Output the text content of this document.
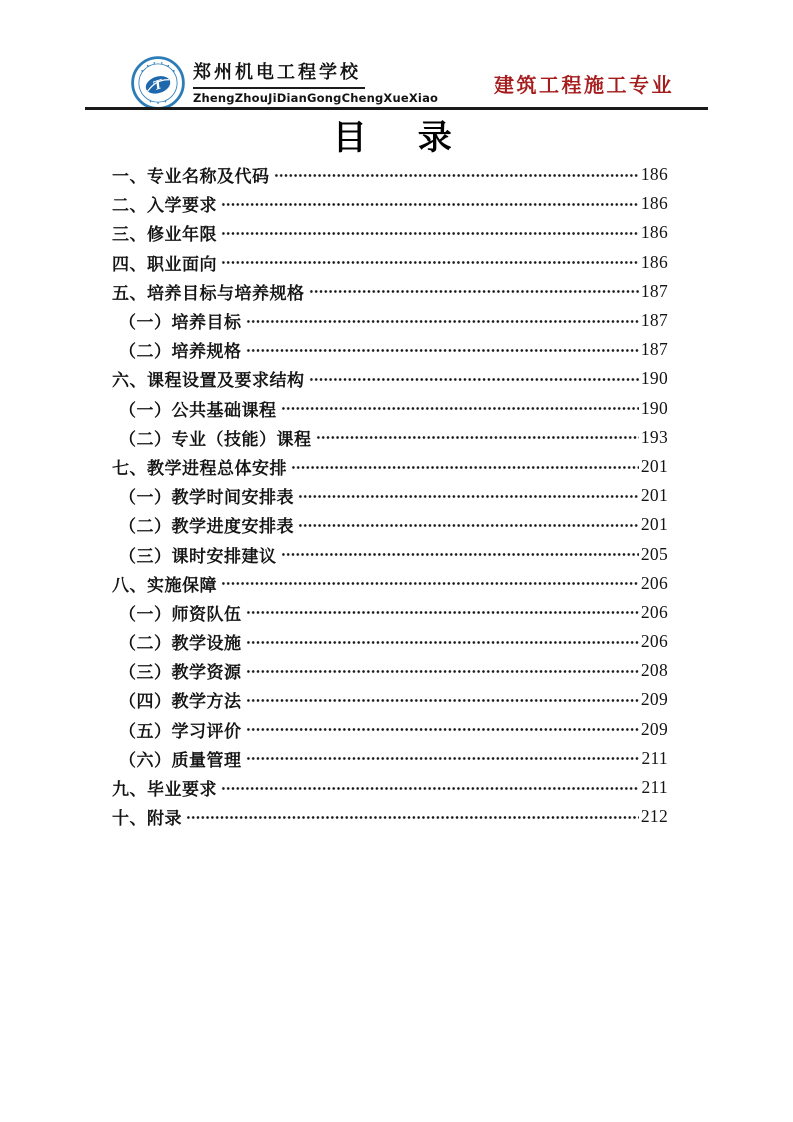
T
郑州机电工程学校
ZhengZhouJiDianGongChengXueXiao
建筑工程施工专业
目　录
一、专业名称及代码	186
二、入学要求	186
三、修业年限	186
四、职业面向	186
五、培养目标与培养规格	187
（一）培养目标	187
（二）培养规格	187
六、课程设置及要求结构	190
（一）公共基础课程	190
（二）专业（技能）课程	193
七、教学进程总体安排	201
（一）教学时间安排表	201
（二）教学进度安排表	201
（三）课时安排建议	205
八、实施保障	206
（一）师资队伍	206
（二）教学设施	206
（三）教学资源	208
（四）教学方法	209
（五）学习评价	209
（六）质量管理	211
九、毕业要求	211
十、附录	212
